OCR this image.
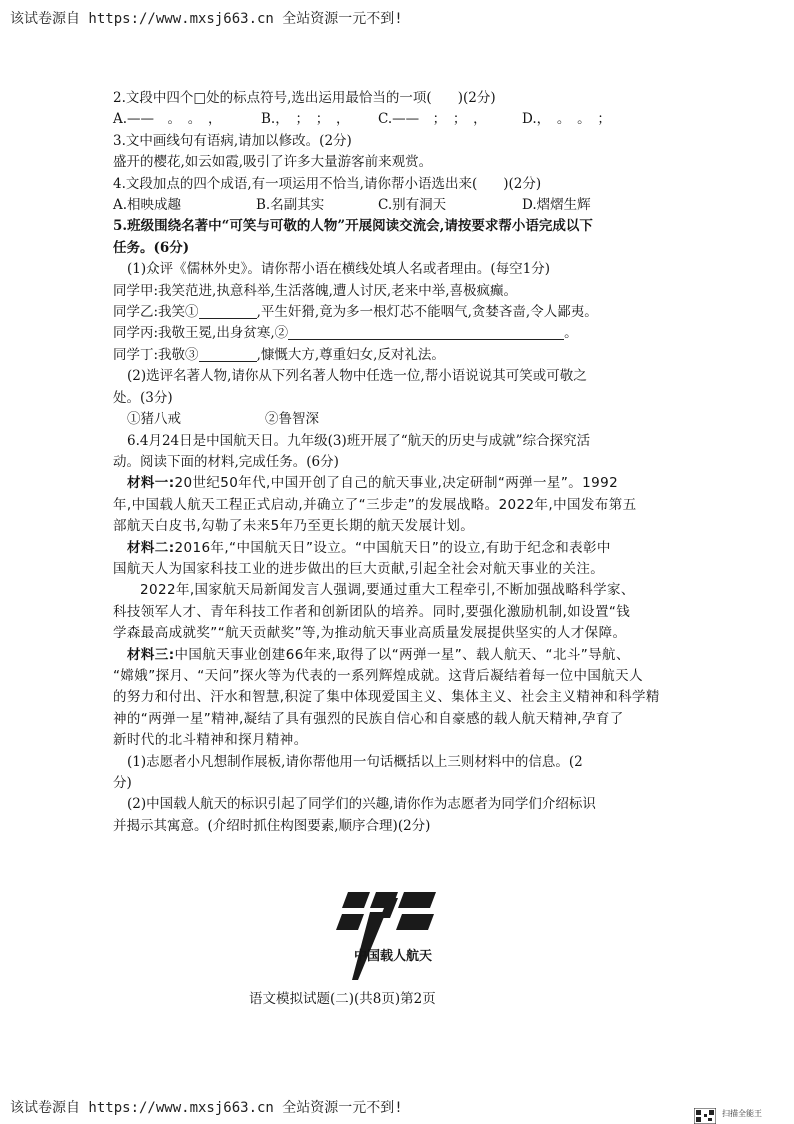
该试卷源自 https://www.mxsj663.cn 全站资源一元不到!
2.文段中四个□处的标点符号,选出运用最恰当的一项( )(2分)
A.——　。　。　，	B.，　；　；　，	C.——　；　；　，	D.，　。　。　；
3.文中画线句有语病,请加以修改。(2分)
盛开的樱花,如云如霞,吸引了许多大量游客前来观赏。
4.文段加点的四个成语,有一项运用不恰当,请你帮小语选出来( )(2分)
A.相映成趣	B.名副其实	C.别有洞天	D.熠熠生辉
5.班级围绕名著中“可笑与可敬的人物”开展阅读交流会,请按要求帮小语完成以下
任务。(6分)
(1)众评《儒林外史》。请你帮小语在横线处填人名或者理由。(每空1分)
同学甲:我笑范进,执意科举,生活落魄,遭人讨厌,老来中举,喜极疯癫。
同学乙:我笑①	,平生奸猾,竟为多一根灯芯不能咽气,贪婪吝啬,令人鄙夷。
同学丙:我敬王冕,出身贫寒,②	。
同学丁:我敬③	,慷慨大方,尊重妇女,反对礼法。
(2)选评名著人物,请你从下列名著人物中任选一位,帮小语说说其可笑或可敬之
处。(3分)
①猪八戒	②鲁智深
6.4月24日是中国航天日。九年级(3)班开展了“航天的历史与成就”综合探究活
动。阅读下面的材料,完成任务。(6分)
材料一:20世纪50年代,中国开创了自己的航天事业,决定研制“两弹一星”。1992
年,中国载人航天工程正式启动,并确立了“三步走”的发展战略。2022年,中国发布第五
部航天白皮书,勾勒了未来5年乃至更长期的航天发展计划。
材料二:2016年,“中国航天日”设立。“中国航天日”的设立,有助于纪念和表彰中
国航天人为国家科技工业的进步做出的巨大贡献,引起全社会对航天事业的关注。
2022年,国家航天局新闻发言人强调,要通过重大工程牵引,不断加强战略科学家、
科技领军人才、青年科技工作者和创新团队的培养。同时,要强化激励机制,如设置“钱
学森最高成就奖”“航天贡献奖”等,为推动航天事业高质量发展提供坚实的人才保障。
材料三:中国航天事业创建66年来,取得了以“两弹一星”、载人航天、“北斗”导航、
“嫦娥”探月、“天问”探火等为代表的一系列辉煌成就。这背后凝结着每一位中国航天人
的努力和付出、汗水和智慧,积淀了集中体现爱国主义、集体主义、社会主义精神和科学精
神的“两弹一星”精神,凝结了具有强烈的民族自信心和自豪感的载人航天精神,孕育了
新时代的北斗精神和探月精神。
(1)志愿者小凡想制作展板,请你帮他用一句话概括以上三则材料中的信息。(2
分)
(2)中国载人航天的标识引起了同学们的兴趣,请你作为志愿者为同学们介绍标识
并揭示其寓意。(介绍时抓住构图要素,顺序合理)(2分)
中国载人航天
语文模拟试题(二)(共8页)第2页
该试卷源自 https://www.mxsj663.cn 全站资源一元不到!	扫描全能王
